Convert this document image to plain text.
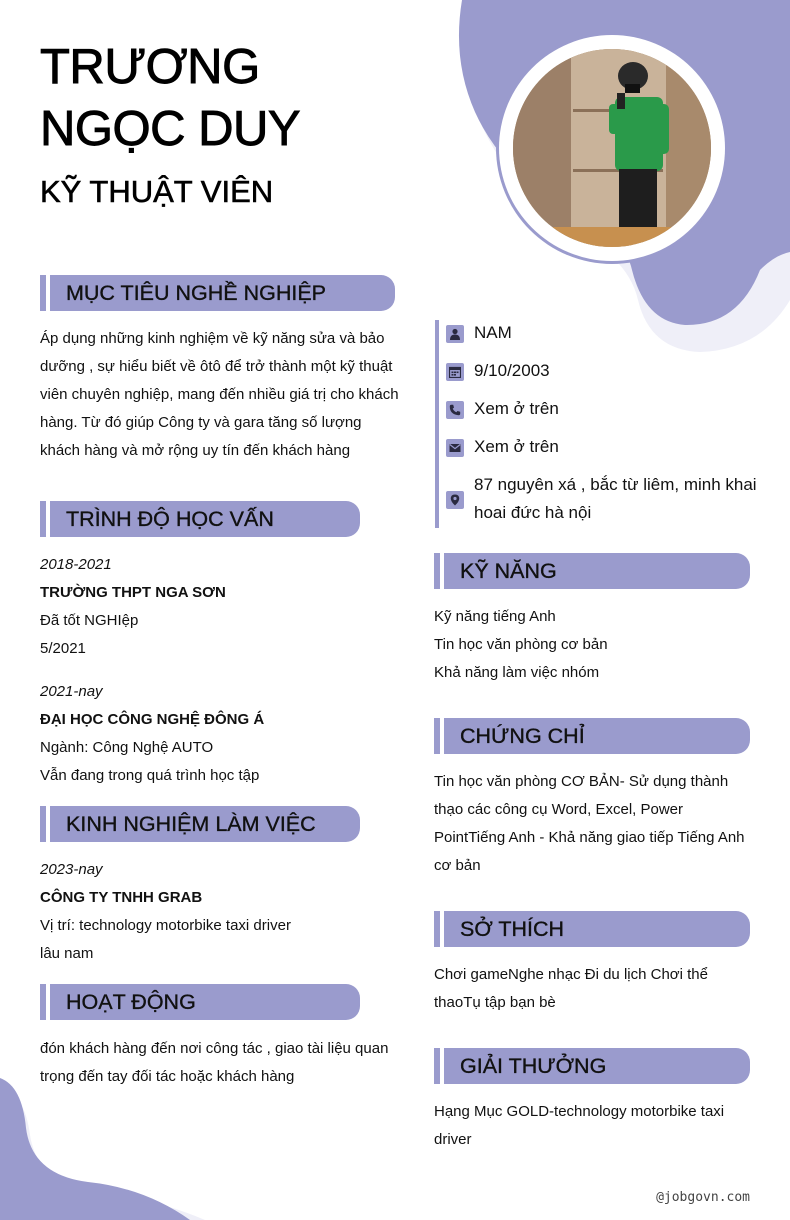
TRƯƠNG
NGỌC DUY
KỸ THUẬT VIÊN
NAM
9/10/2003
Xem ở trên
Xem ở trên
87 nguyên xá , bắc từ liêm, minh khai hoai đức hà nội
MỤC TIÊU NGHỀ NGHIỆP

Áp dụng những kinh nghiệm về kỹ năng sửa và bảo dưỡng , sự hiểu biết về ôtô để trở thành một kỹ thuật viên chuyên nghiệp, mang đến nhiều giá trị cho khách hàng. Từ đó giúp Công ty và gara tăng số lượng khách hàng và mở rộng uy tín đến khách hàng

TRÌNH ĐỘ HỌC VẤN
2018-2021
TRƯỜNG THPT NGA SƠN
Đã tốt NGHIệp
5/2021
2021-nay
ĐẠI HỌC CÔNG NGHỆ ĐÔNG Á
Ngành: Công Nghệ AUTO
Vẫn đang trong quá trình học tập
KINH NGHIỆM LÀM VIỆC
2023-nay
CÔNG TY TNHH GRAB
Vị trí: technology motorbike taxi driver
lâu nam
HOẠT ĐỘNG

đón khách hàng đến nơi công tác , giao tài liệu quan trọng đến tay đối tác hoặc khách hàng

KỸ NĂNG
Kỹ năng tiếng Anh
Tin học văn phòng cơ bản
Khả năng làm việc nhóm
CHỨNG CHỈ

Tin học văn phòng CƠ BẢN- Sử dụng thành thạo các công cụ Word, Excel, Power PointTiếng Anh - Khả năng giao tiếp Tiếng Anh cơ bản

SỞ THÍCH

Chơi gameNghe nhạc Đi du lịch Chơi thể thaoTụ tập bạn bè

GIẢI THƯỞNG

Hạng Mục GOLD-technology motorbike taxi driver

@jobgovn.com
